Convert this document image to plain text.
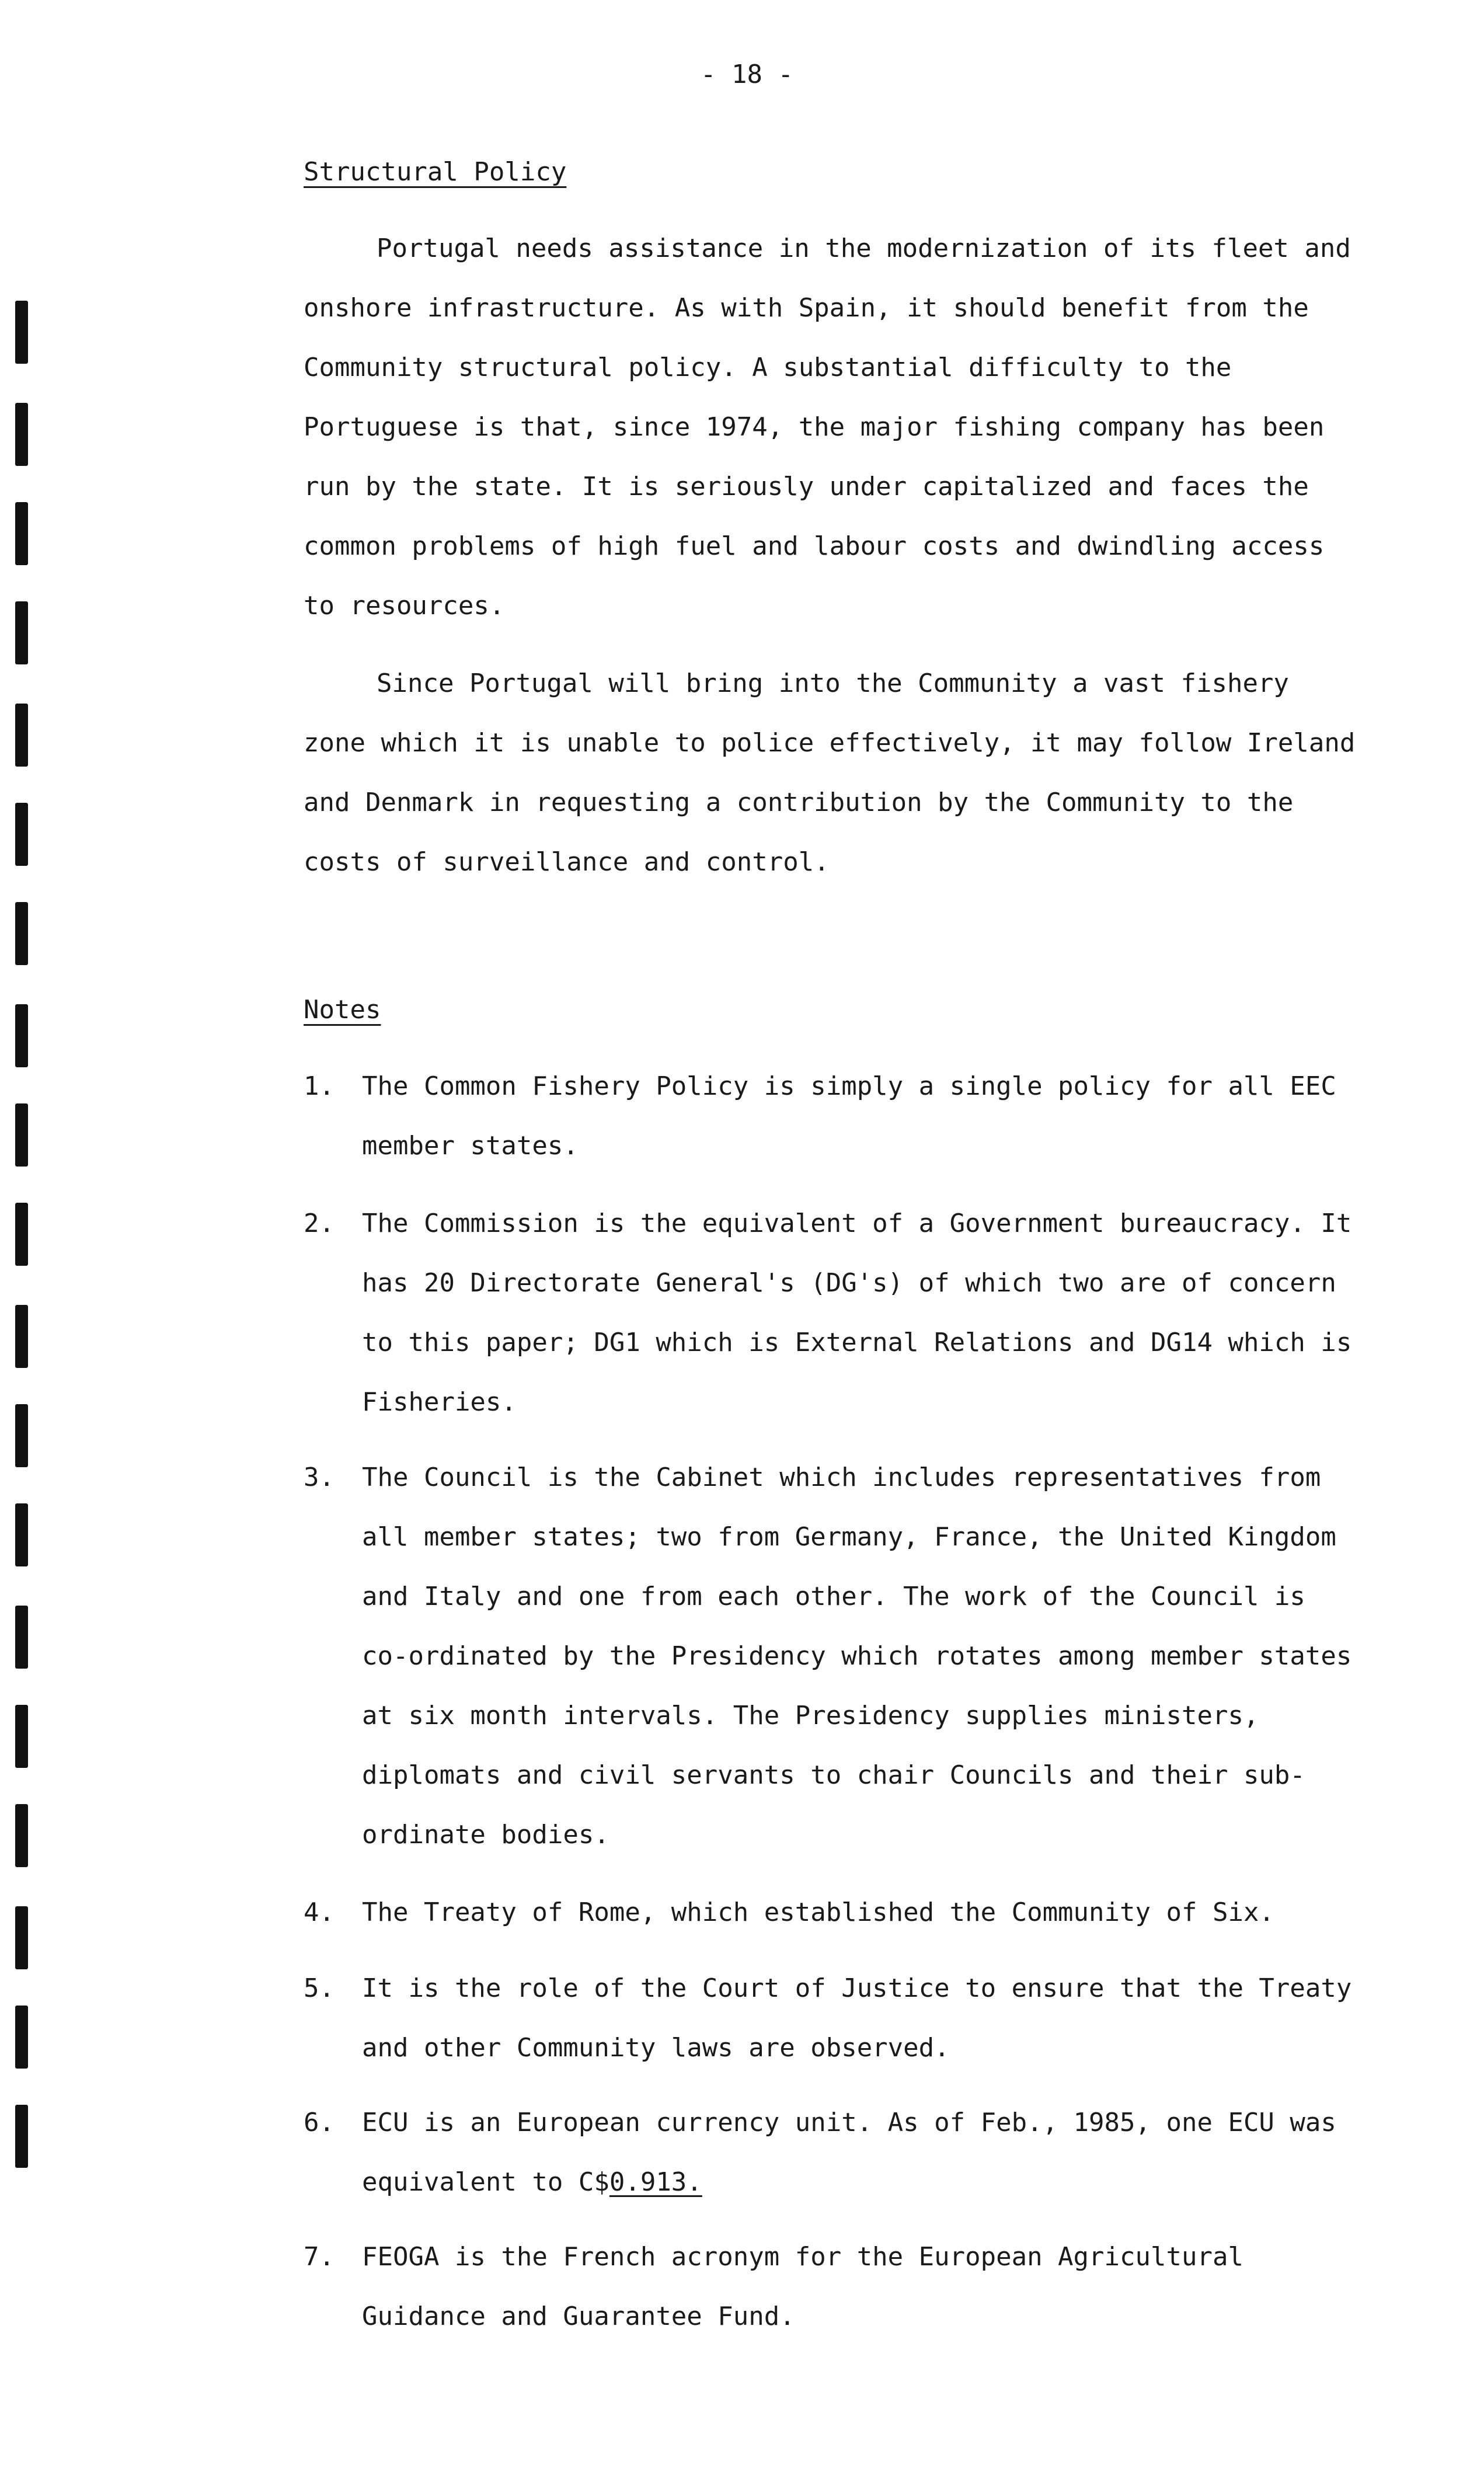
- 18 -
Structural Policy

Portugal needs assistance in the modernization of its fleet and onshore infrastructure. As with Spain, it should benefit from the Community structural policy. A substantial difficulty to the Portuguese is that, since 1974, the major fishing company has been run by the state. It is seriously under capitalized and faces the common problems of high fuel and labour costs and dwindling access to resources.

Since Portugal will bring into the Community a vast fishery zone which it is unable to police effectively, it may follow Ireland and Denmark in requesting a contribution by the Community to the costs of surveillance and control.

Notes
1. The Common Fishery Policy is simply a single policy for all EEC member states.
2. The Commission is the equivalent of a Government bureaucracy. It has 20 Directorate General's (DG's) of which two are of concern to this paper; DG1 which is External Relations and DG14 which is Fisheries.
3. The Council is the Cabinet which includes representatives from all member states; two from Germany, France, the United Kingdom and Italy and one from each other. The work of the Council is co-ordinated by the Presidency which rotates among member states at six month intervals. The Presidency supplies ministers, diplomats and civil servants to chair Councils and their sub-ordinate bodies.
4. The Treaty of Rome, which established the Community of Six.
5. It is the role of the Court of Justice to ensure that the Treaty and other Community laws are observed.
6. ECU is an European currency unit. As of Feb., 1985, one ECU was equivalent to C$0.913.
7. FEOGA is the French acronym for the European Agricultural Guidance and Guarantee Fund.
